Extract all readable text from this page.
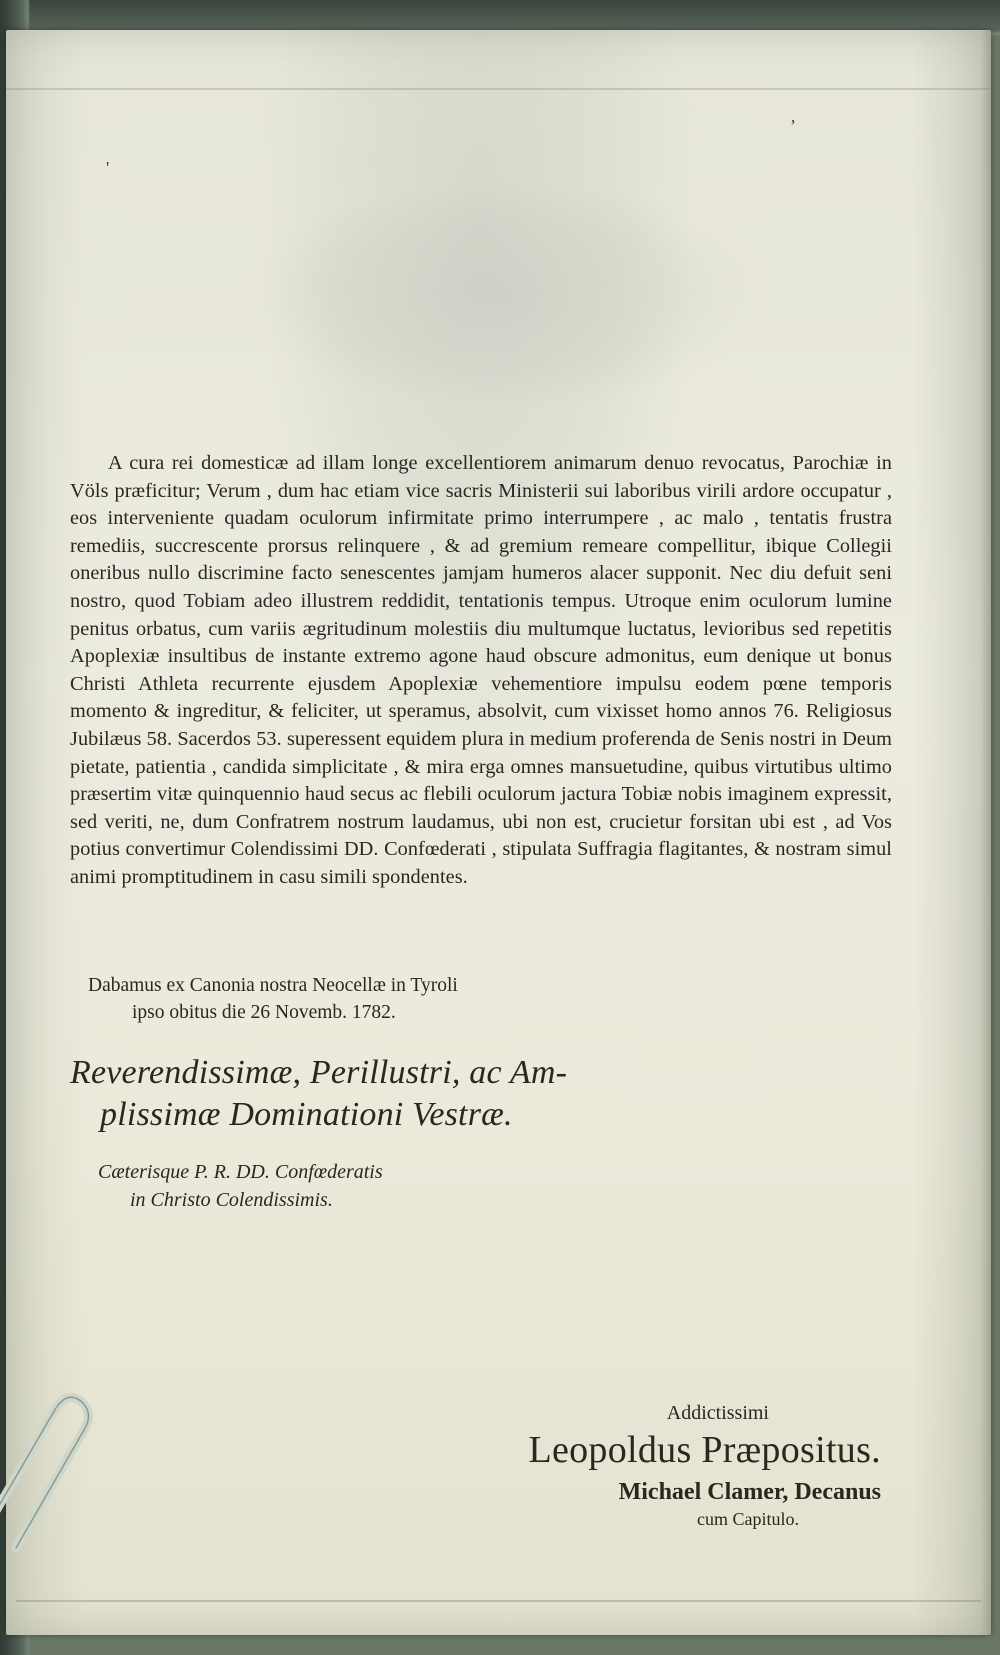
’
'

A cura rei domesticæ ad illam longe excellentiorem animarum denuo revocatus, Parochiæ in Völs præficitur; Verum , dum hac etiam vice sacris Ministerii sui laboribus virili ardore occupatur , eos interveniente quadam oculorum infirmitate primo interrumpere , ac malo , tentatis frustra remediis, succrescente prorsus relinquere , & ad gremium remeare compellitur, ibique Collegii oneribus nullo discrimine facto senescentes jamjam humeros alacer supponit. Nec diu defuit seni nostro, quod Tobiam adeo illustrem reddidit, tentationis tempus. Utroque enim oculorum lumine penitus orbatus, cum variis ægritudinum molestiis diu multumque luctatus, levioribus sed repetitis Apoplexiæ insultibus de instante extremo agone haud obscure admonitus, eum denique ut bonus Christi Athleta recurrente ejusdem Apoplexiæ vehementiore impulsu eodem pœne temporis momento & ingreditur, & feliciter, ut speramus, absolvit, cum vixisset homo annos 76. Religiosus Jubilæus 58. Sacerdos 53. superessent equidem plura in medium proferenda de Senis nostri in Deum pietate, patientia , candida simplicitate , & mira erga omnes mansuetudine, quibus virtutibus ultimo præsertim vitæ quinquennio haud secus ac flebili oculorum jactura Tobiæ nobis imaginem expressit, sed veriti, ne, dum Confratrem nostrum laudamus, ubi non est, crucietur forsitan ubi est , ad Vos potius convertimur Colendissimi DD. Confœderati , stipulata Suffragia flagitantes, & nostram simul animi promptitudinem in casu simili spondentes.

Dabamus ex Canonia nostra Neocellæ in Tyroli
ipso obitus die 26 Novemb. 1782.
Reverendissimæ, Perillustri, ac Am-
plissimæ Dominationi Vestræ.
Cæterisque P. R. DD. Confœderatis
in Christo Colendissimis.
Addictissimi
Leopoldus Præpositus.
Michael Clamer, Decanus
cum Capitulo.
